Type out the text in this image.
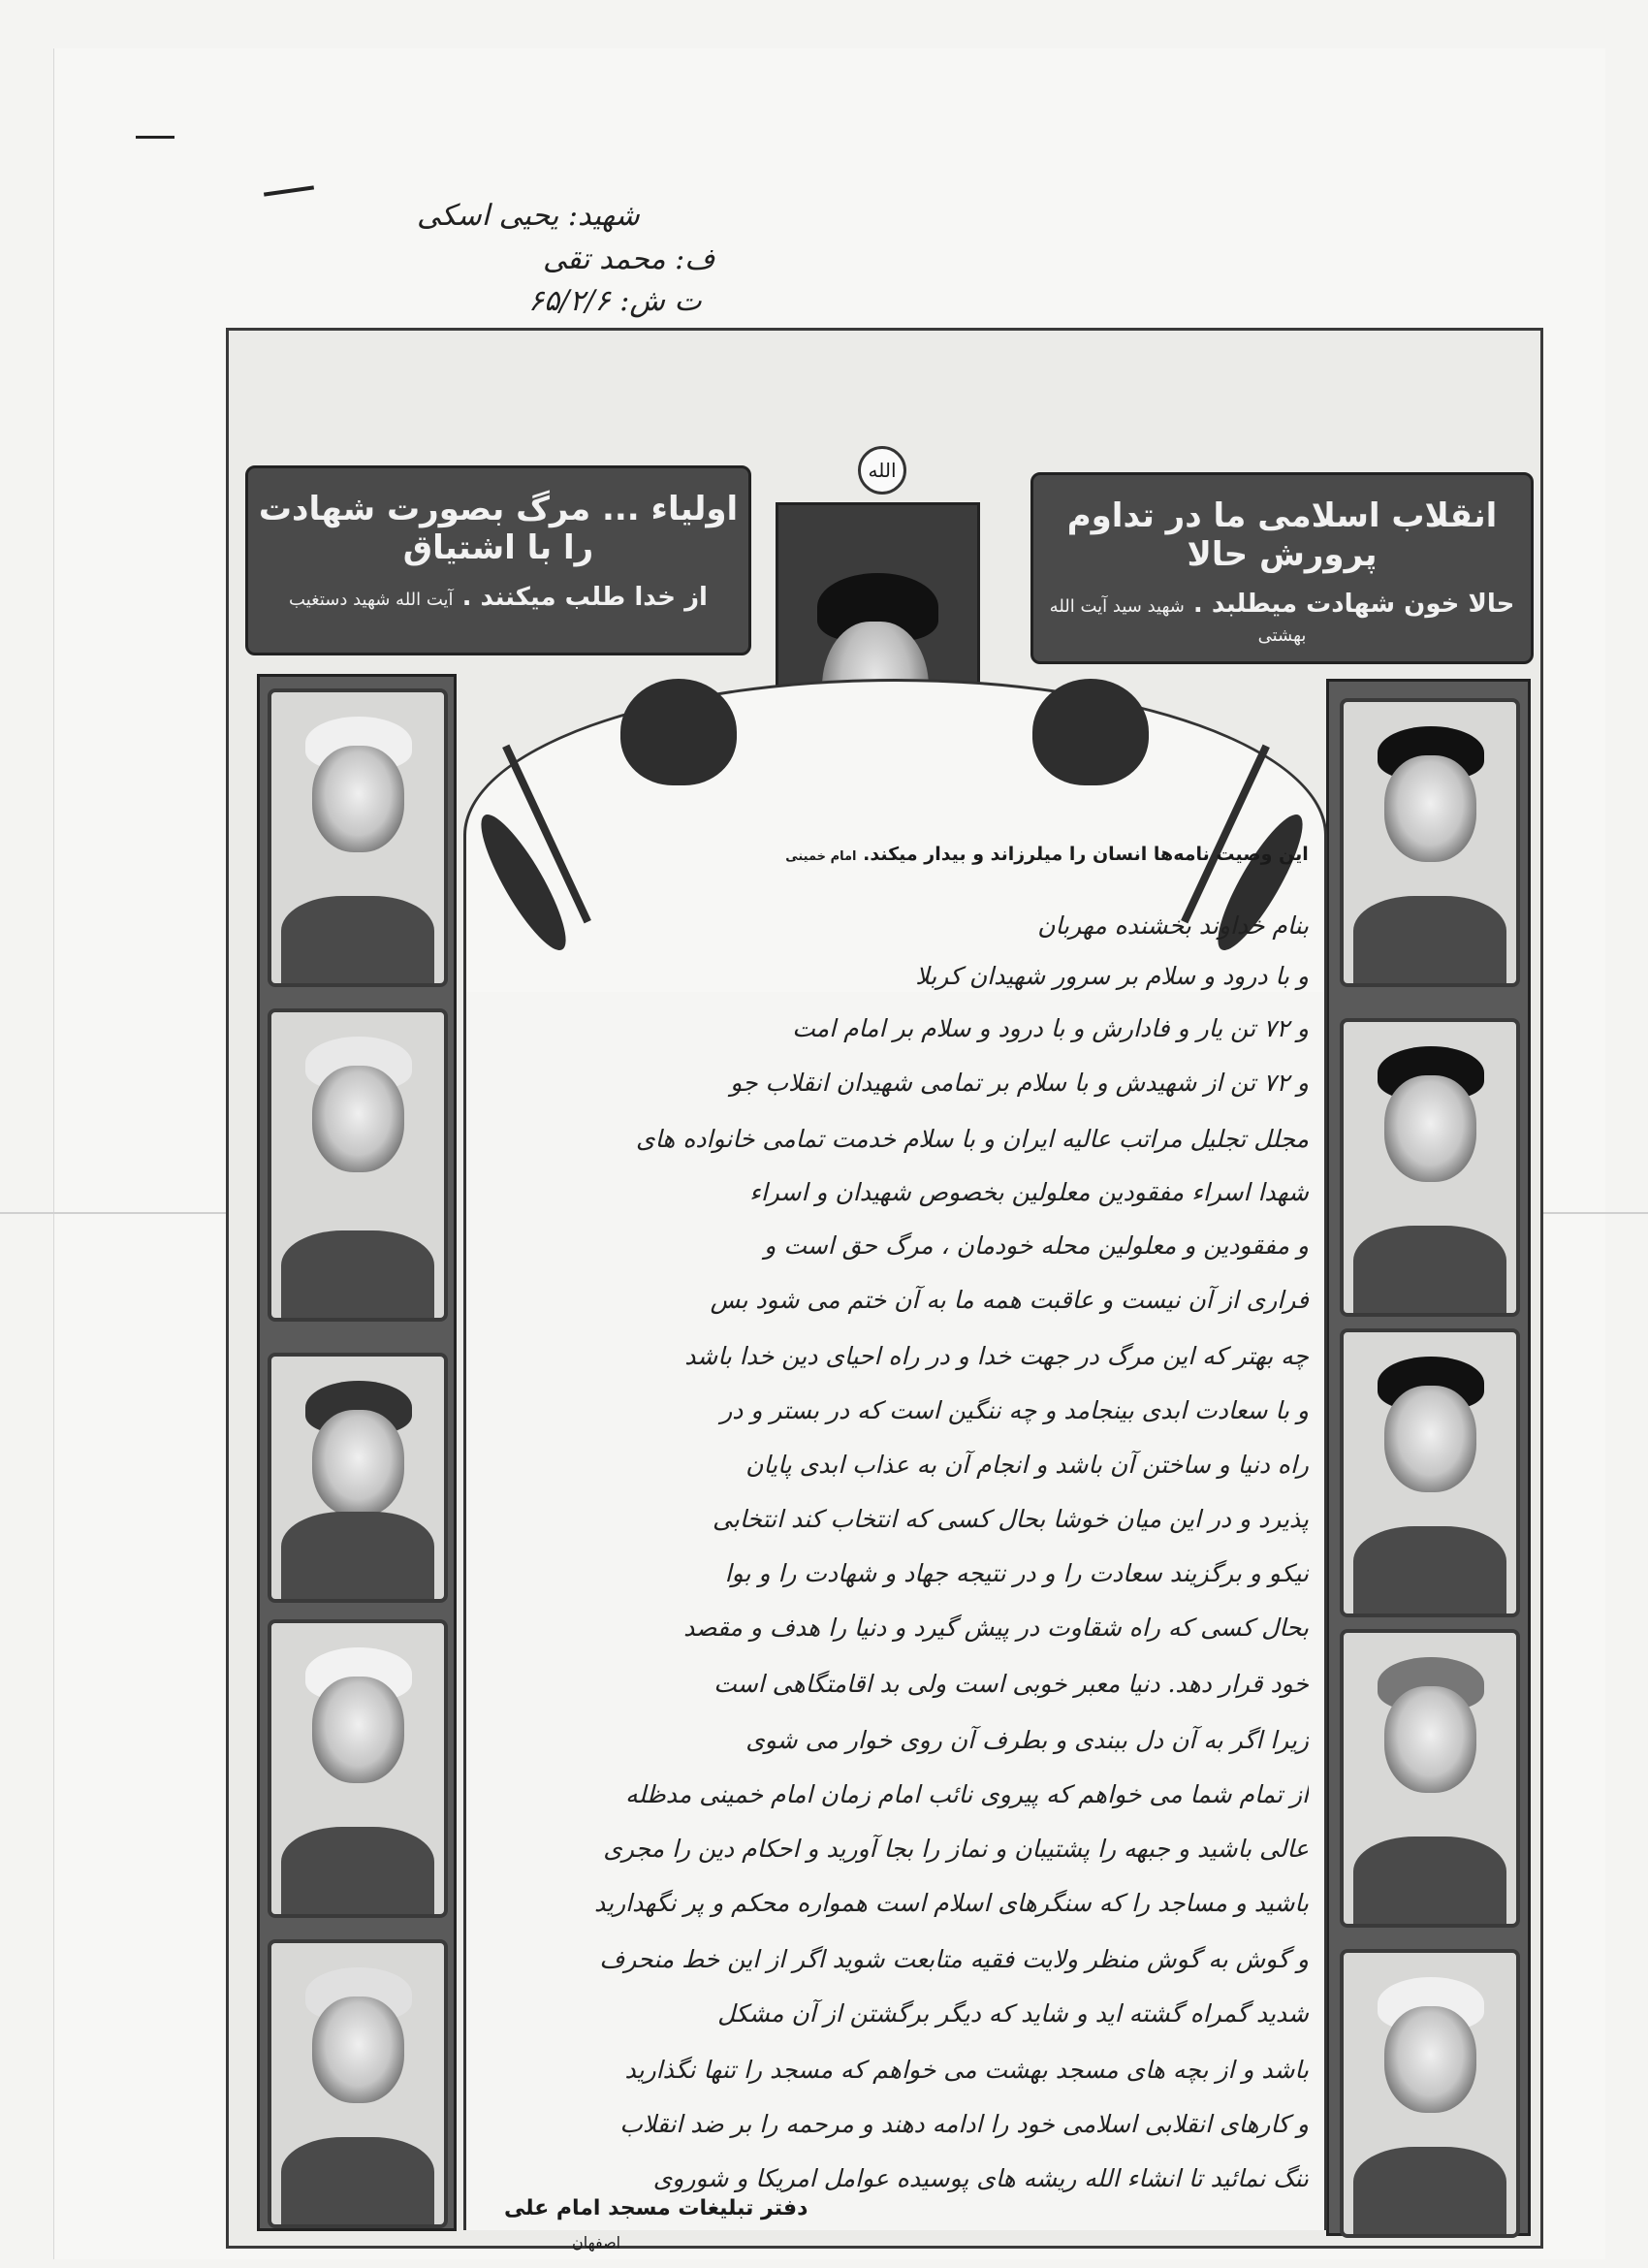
شهید: یحیی اسکی
ف: محمد تقی
ت ش: ۶۵/۲/۶
انقلاب اسلامی ما در تداوم پرورش حالا
حالا خون شهادت میطلبد . شهید سید آیت الله بهشتی
اولیاء ... مرگ بصورت شهادت را با اشتیاق
از خدا طلب میکنند . آیت الله شهید دستغیب
الله
این وصیت نامه‌ها انسان را میلرزاند و بیدار میکند. امام خمینی
بنام خداوند بخشنده مهربان
و با درود و سلام بر سرور شهیدان کربلا
و ۷۲ تن یار و فادارش و با درود و سلام بر امام امت
و ۷۲ تن از شهیدش و با سلام بر تمامی شهیدان انقلاب جو
مجلل تجلیل مراتب عالیه ایران و با سلام خدمت تمامی خانواده های
شهدا اسراء مفقودین معلولین بخصوص شهیدان و اسراء
و مفقودین و معلولین محله خودمان ، مرگ حق است و
فراری از آن نیست و عاقبت همه ما به آن ختم می شود بس
چه بهتر که این مرگ در جهت خدا و در راه احیای دین خدا باشد
و با سعادت ابدی بینجامد و چه ننگین است که در بستر و در
راه دنیا و ساختن آن باشد و انجام آن به عذاب ابدی پایان
پذیرد و در این میان خوشا بحال کسی که انتخاب کند انتخابی
نیکو و برگزیند سعادت را و در نتیجه جهاد و شهادت را و بوا
بحال کسی که راه شقاوت در پیش گیرد و دنیا را هدف و مقصد
خود قرار دهد. دنیا معبر خوبی است ولی بد اقامتگاهی است
زیرا اگر به آن دل ببندی و بطرف آن روی خوار می شوی
از تمام شما می خواهم که پیروی نائب امام زمان امام خمینی مدظله
عالی باشید و جبهه را پشتیبان و نماز را بجا آورید و احکام دین را مجری
باشید و مساجد را که سنگرهای اسلام است همواره محکم و پر نگهدارید
و گوش به گوش منظر ولایت فقیه متابعت شوید اگر از این خط منحرف
شدید گمراه گشته اید و شاید که دیگر برگشتن از آن مشکل
باشد و از بچه های مسجد بهشت می خواهم که مسجد را تنها نگذارید
و کارهای انقلابی اسلامی خود را ادامه دهند و مرحمه را بر ضد انقلاب
تنگ نمائید تا انشاء الله ریشه های پوسیده عوامل امریکا و شوروی
دفتر تبلیغات مسجد امام علی
اصفهان
